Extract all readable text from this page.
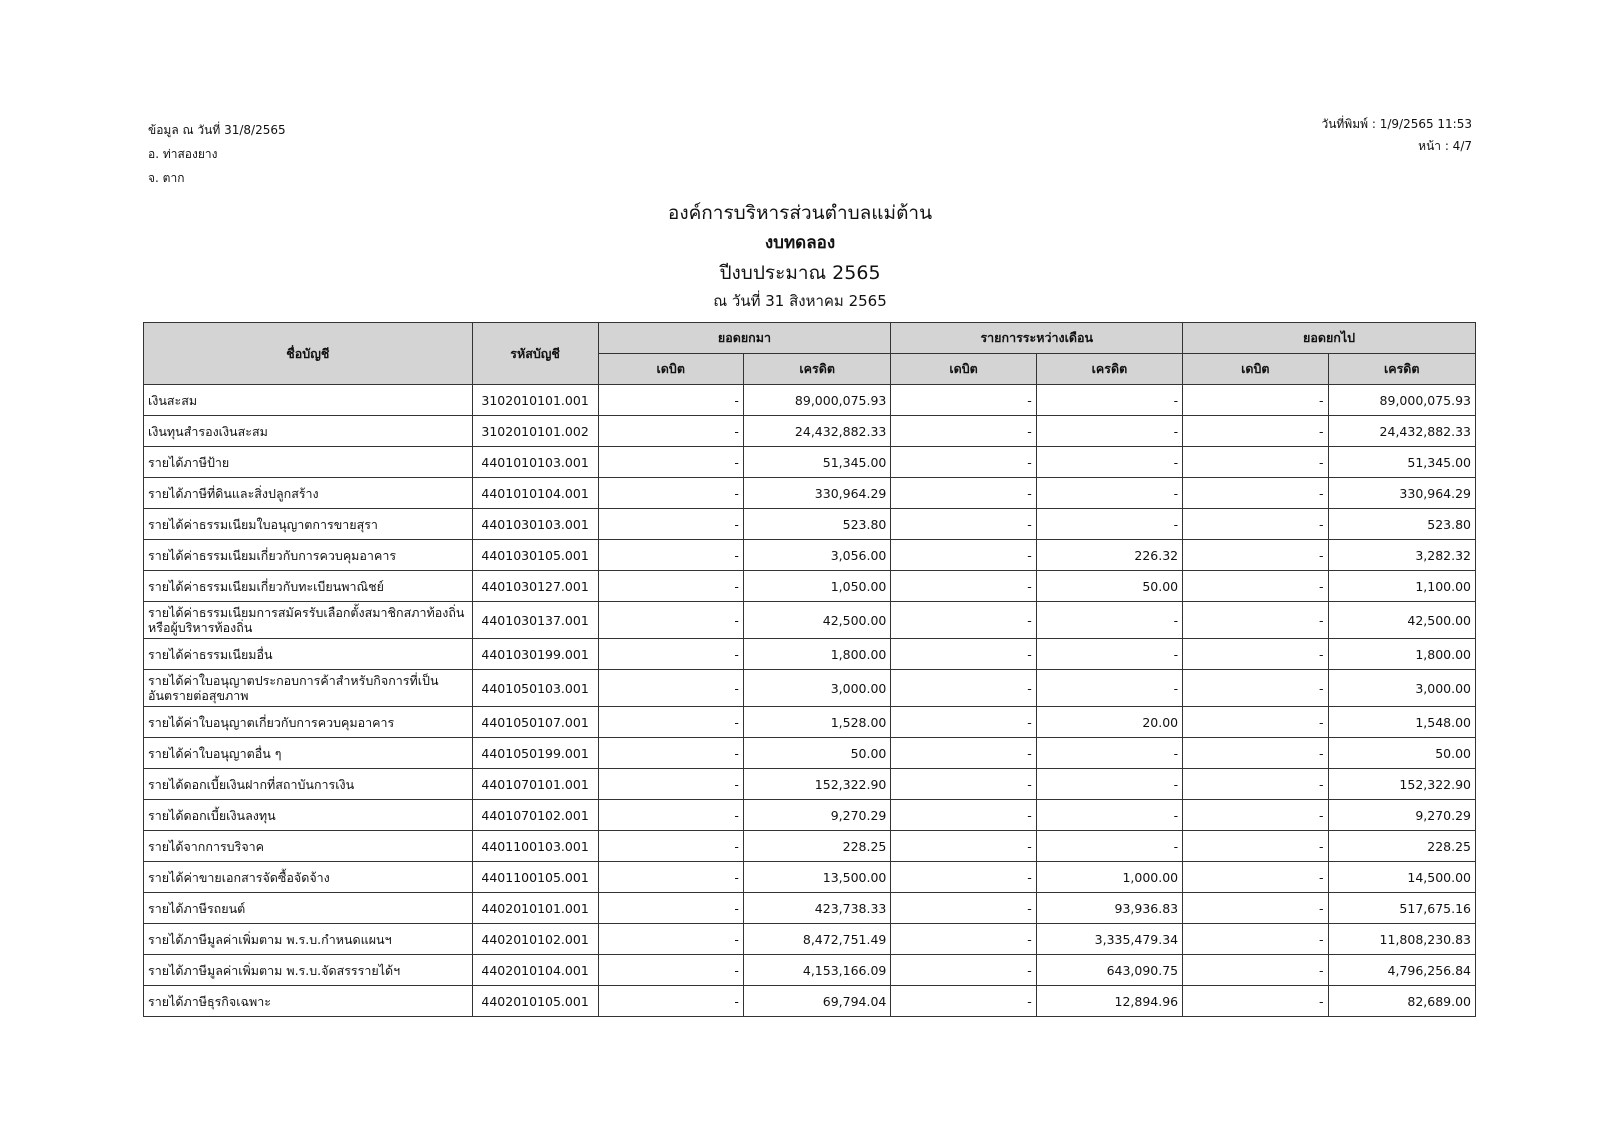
ข้อมูล ณ วันที่ 31/8/2565
อ. ท่าสองยาง
จ. ตาก
วันที่พิมพ์ : 1/9/2565 11:53
หน้า : 4/7
องค์การบริหารส่วนตำบลแม่ต้าน
งบทดลอง
ปีงบประมาณ 2565
ณ วันที่ 31 สิงหาคม 2565
ชื่อบัญชี	รหัสบัญชี	ยอดยกมา		รายการระหว่างเดือน		ยอดยกไป	
		เดบิต	เครดิต	เดบิต	เครดิต	เดบิต	เครดิต
เงินสะสม	3102010101.001	-	89,000,075.93	-	-	-	89,000,075.93
เงินทุนสำรองเงินสะสม	3102010101.002	-	24,432,882.33	-	-	-	24,432,882.33
รายได้ภาษีป้าย	4401010103.001	-	51,345.00	-	-	-	51,345.00
รายได้ภาษีที่ดินและสิ่งปลูกสร้าง	4401010104.001	-	330,964.29	-	-	-	330,964.29
รายได้ค่าธรรมเนียมใบอนุญาตการขายสุรา	4401030103.001	-	523.80	-	-	-	523.80
รายได้ค่าธรรมเนียมเกี่ยวกับการควบคุมอาคาร	4401030105.001	-	3,056.00	-	226.32	-	3,282.32
รายได้ค่าธรรมเนียมเกี่ยวกับทะเบียนพาณิชย์	4401030127.001	-	1,050.00	-	50.00	-	1,100.00
รายได้ค่าธรรมเนียมการสมัครรับเลือกตั้งสมาชิกสภาท้องถิ่นหรือผู้บริหารท้องถิ่น	4401030137.001	-	42,500.00	-	-	-	42,500.00
รายได้ค่าธรรมเนียมอื่น	4401030199.001	-	1,800.00	-	-	-	1,800.00
รายได้ค่าใบอนุญาตประกอบการค้าสำหรับกิจการที่เป็นอันตรายต่อสุขภาพ	4401050103.001	-	3,000.00	-	-	-	3,000.00
รายได้ค่าใบอนุญาตเกี่ยวกับการควบคุมอาคาร	4401050107.001	-	1,528.00	-	20.00	-	1,548.00
รายได้ค่าใบอนุญาตอื่น ๆ	4401050199.001	-	50.00	-	-	-	50.00
รายได้ดอกเบี้ยเงินฝากที่สถาบันการเงิน	4401070101.001	-	152,322.90	-	-	-	152,322.90
รายได้ดอกเบี้ยเงินลงทุน	4401070102.001	-	9,270.29	-	-	-	9,270.29
รายได้จากการบริจาค	4401100103.001	-	228.25	-	-	-	228.25
รายได้ค่าขายเอกสารจัดซื้อจัดจ้าง	4401100105.001	-	13,500.00	-	1,000.00	-	14,500.00
รายได้ภาษีรถยนต์	4402010101.001	-	423,738.33	-	93,936.83	-	517,675.16
รายได้ภาษีมูลค่าเพิ่มตาม พ.ร.บ.กำหนดแผนฯ	4402010102.001	-	8,472,751.49	-	3,335,479.34	-	11,808,230.83
รายได้ภาษีมูลค่าเพิ่มตาม พ.ร.บ.จัดสรรรายได้ฯ	4402010104.001	-	4,153,166.09	-	643,090.75	-	4,796,256.84
รายได้ภาษีธุรกิจเฉพาะ	4402010105.001	-	69,794.04	-	12,894.96	-	82,689.00
